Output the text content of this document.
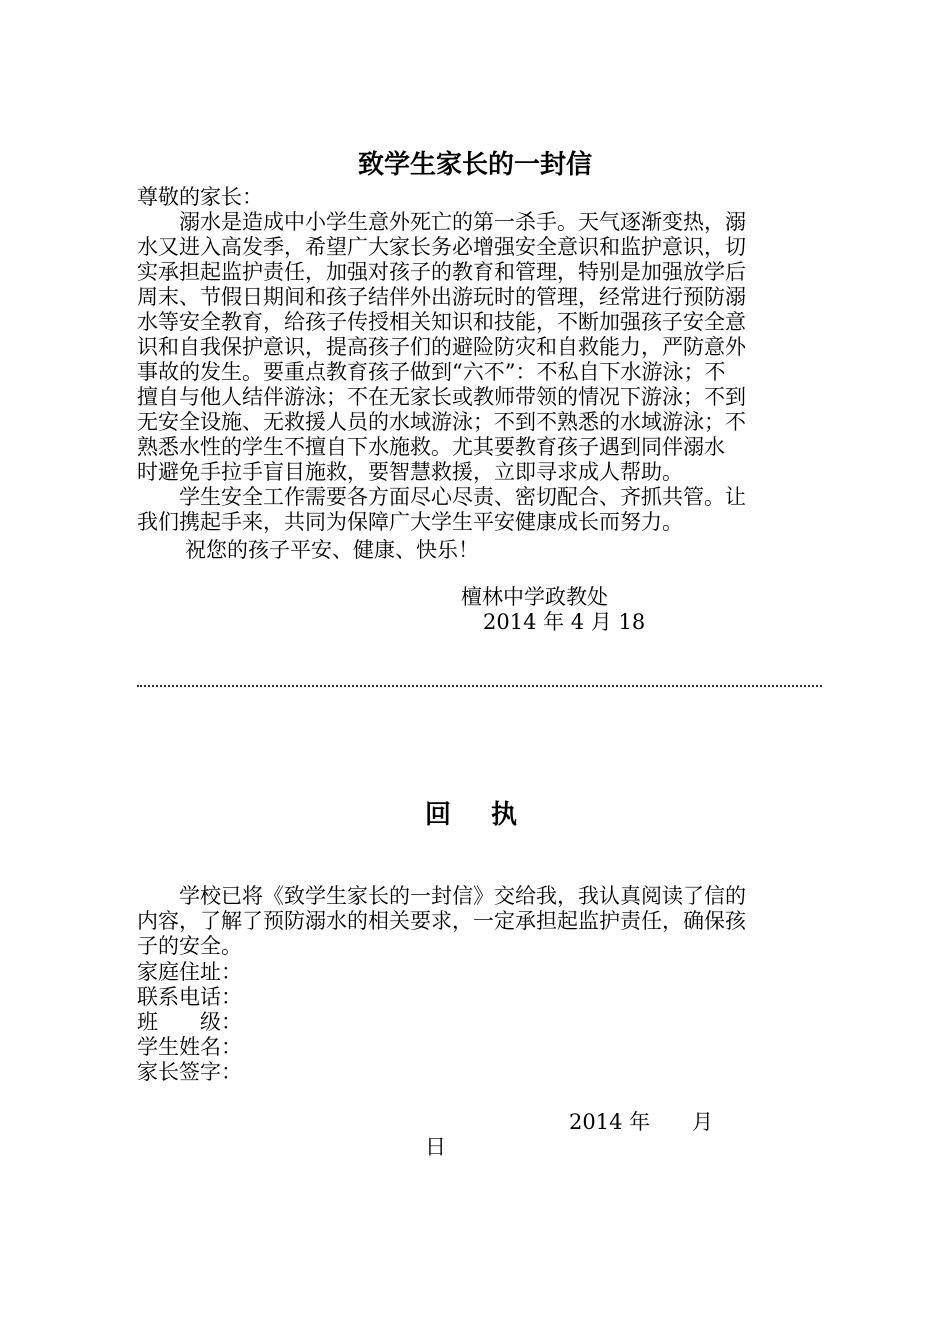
致学生家长的一封信
尊敬的家长：
　　溺水是造成中小学生意外死亡的第一杀手。天气逐渐变热，溺
水又进入高发季，希望广大家长务必增强安全意识和监护意识，切
实承担起监护责任，加强对孩子的教育和管理，特别是加强放学后
周末、节假日期间和孩子结伴外出游玩时的管理，经常进行预防溺
水等安全教育，给孩子传授相关知识和技能，不断加强孩子安全意
识和自我保护意识，提高孩子们的避险防灾和自救能力，严防意外
事故的发生。要重点教育孩子做到“六不”：不私自下水游泳；不
擅自与他人结伴游泳；不在无家长或教师带领的情况下游泳；不到
无安全设施、无救援人员的水域游泳；不到不熟悉的水域游泳；不
熟悉水性的学生不擅自下水施救。尤其要教育孩子遇到同伴溺水
时避免手拉手盲目施救，要智慧救援，立即寻求成人帮助。
　　学生安全工作需要各方面尽心尽责、密切配合、齐抓共管。让
我们携起手来，共同为保障广大学生平安健康成长而努力。
祝您的孩子平安、健康、快乐！
檀林中学政教处
2014 年 4 月 18
回执
　　学校已将《致学生家长的一封信》交给我，我认真阅读了信的
内容，了解了预防溺水的相关要求，一定承担起监护责任，确保孩
子的安全。
家庭住址：
联系电话：
班　　级：
学生姓名：
家长签字：
2014 年　　月
日
